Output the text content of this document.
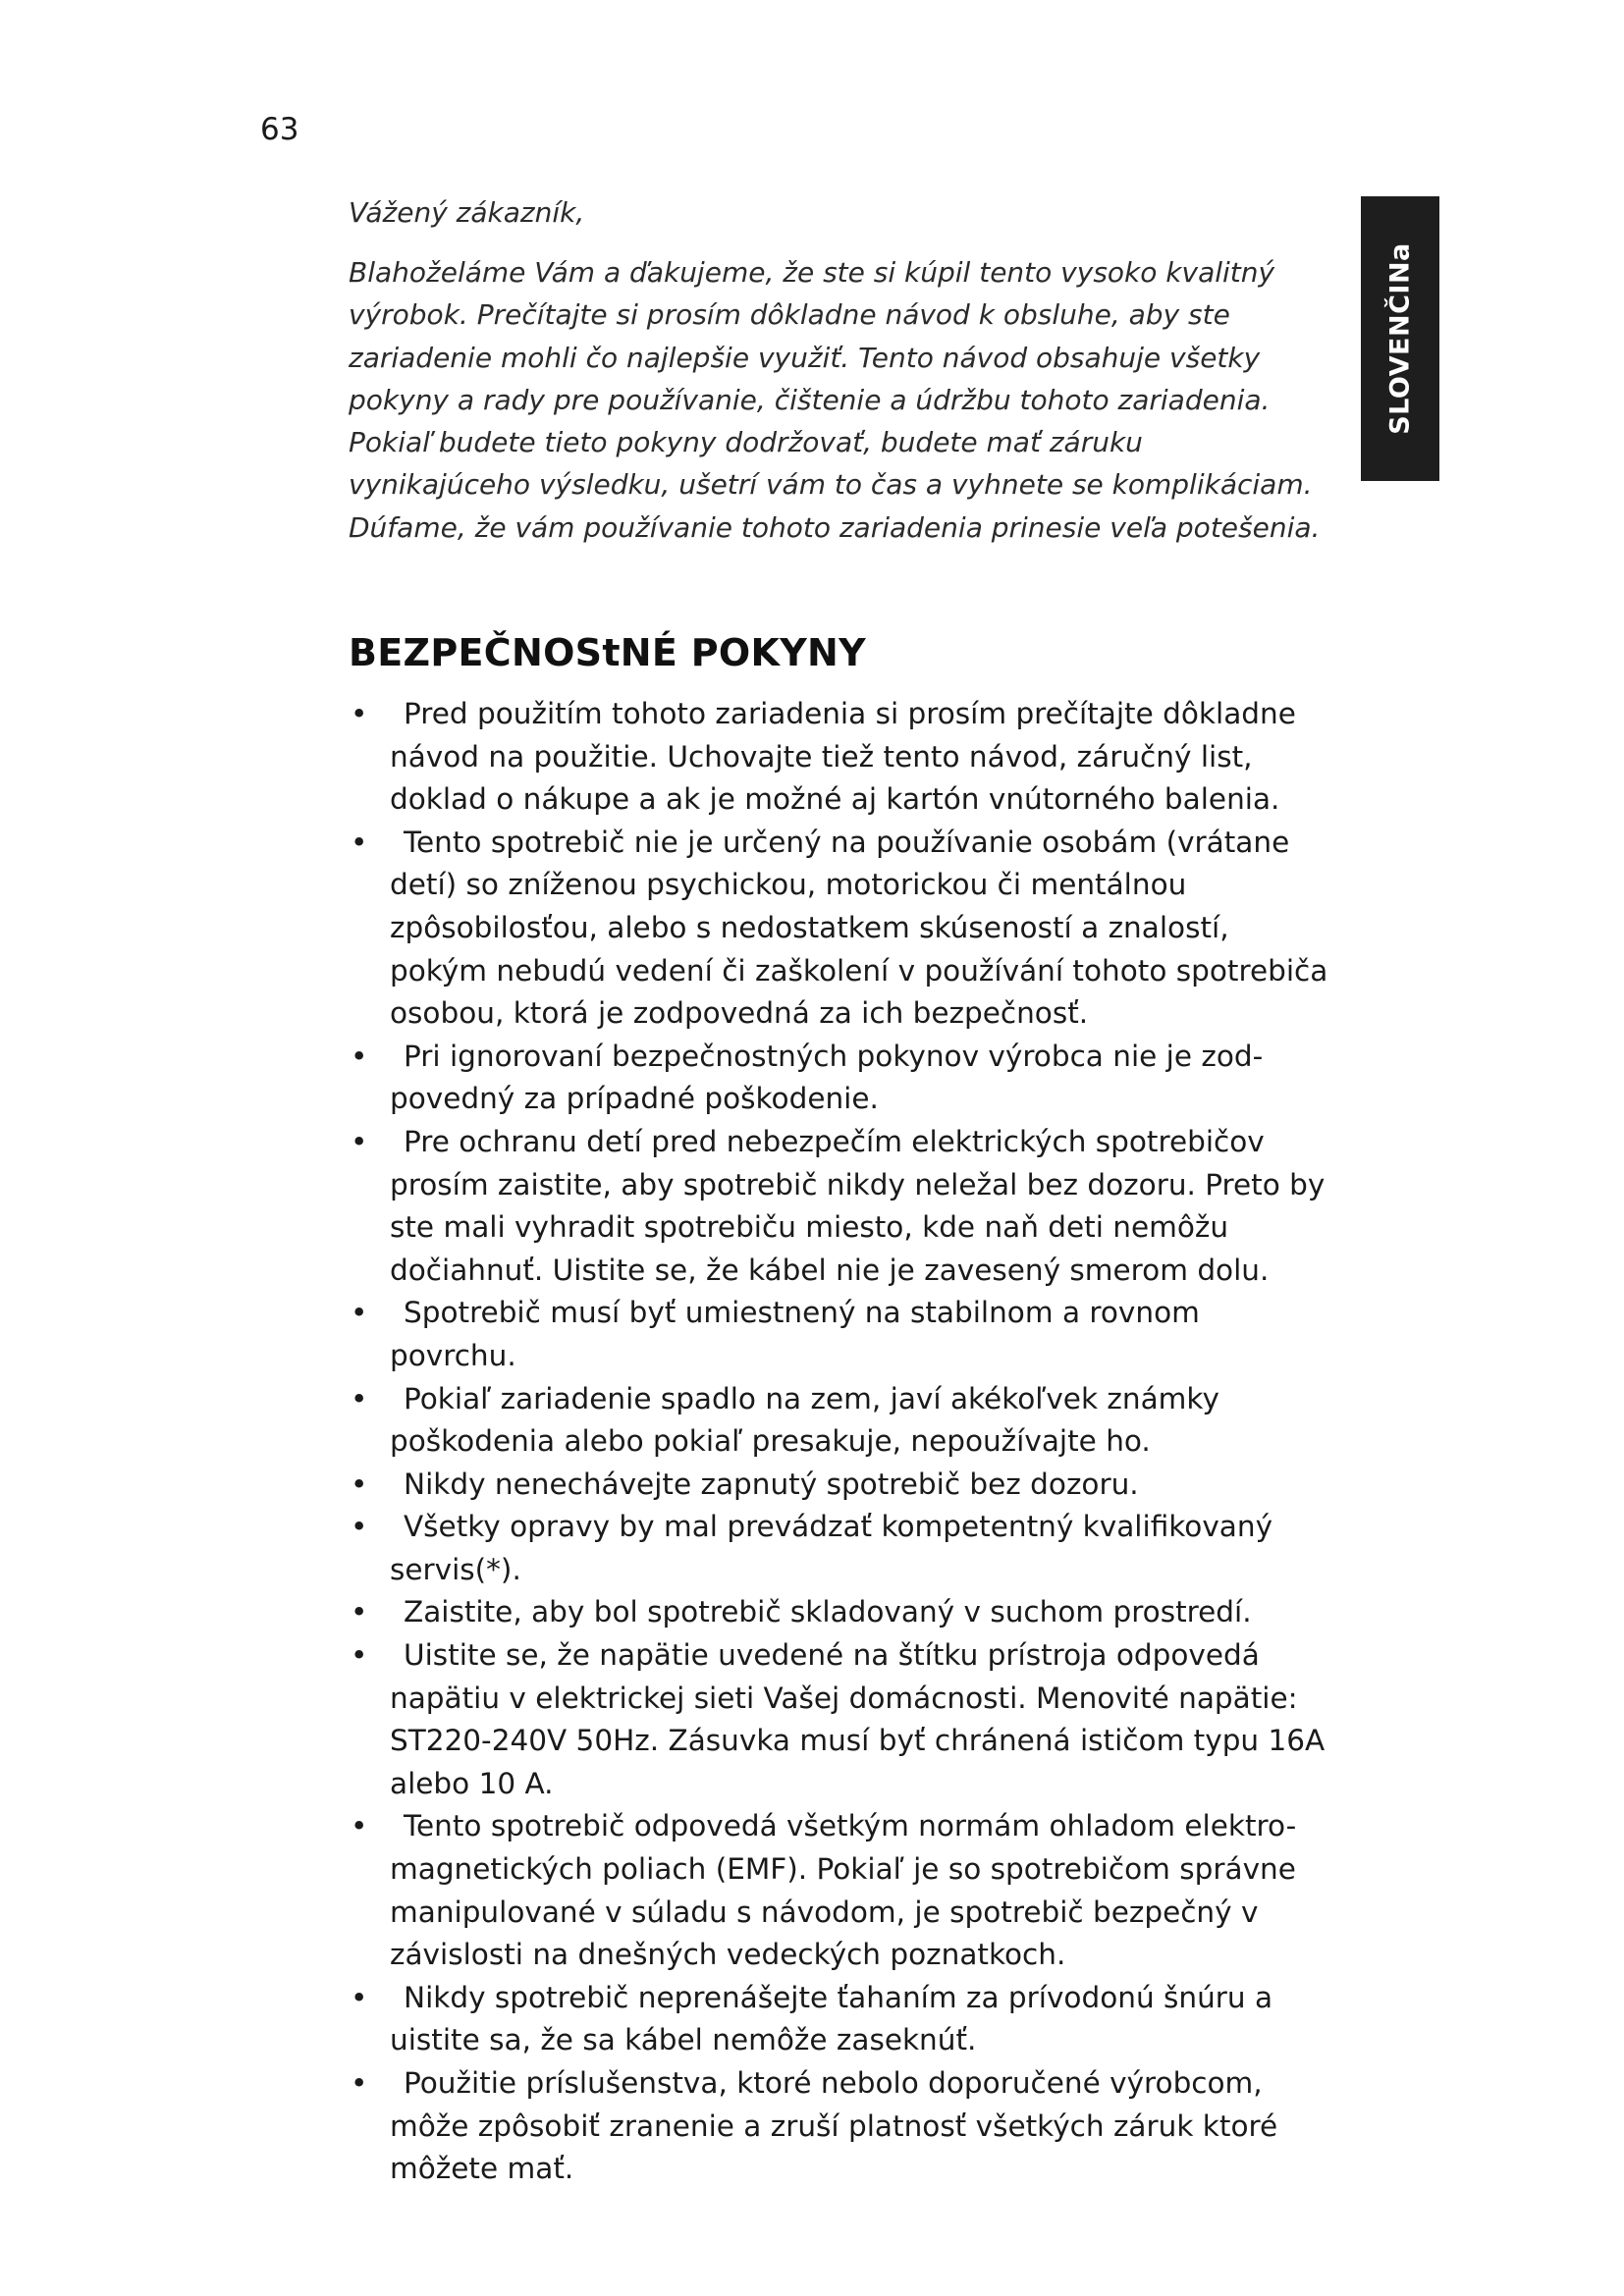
63
SLOVENČINa

Vážený zákazník,

Blahoželáme Vám a ďakujeme, že ste si kúpil tento vysoko kvalitný výrobok. Prečítajte si prosím dôkladne návod k obsluhe, aby ste zariadenie mohli čo najlepšie využiť. Tento návod obsahuje všetky pokyny a rady pre používanie, čištenie a údržbu tohoto zariadenia. Pokiaľ budete tieto pokyny dodržovať, budete mať záruku vynikajúceho výsledku, ušetrí vám to čas a vyhnete se komplikáciam. Dúfame, že vám používanie tohoto zariadenia prinesie veľa potešenia.

BEZPEČNOStNÉ POKYNY
•	Pred použitím tohoto zariadenia si prosím prečítajte dôkladne návod na použitie. Uchovajte tiež tento návod, záručný list, doklad o nákupe a ak je možné aj kartón vnútorného balenia.
•	Tento spotrebič nie je určený na používanie osobám (vrátane detí) so zníženou psychickou, motorickou či mentálnou zpôsobilosťou, alebo s nedostatkem skúseností a znalostí, pokým nebudú vedení či zaškolení v používání tohoto spotrebiča osobou, ktorá je zodpovedná za ich bezpečnosť.
•	Pri ignorovaní bezpečnostných pokynov výrobca nie je zod-povedný za prípadné poškodenie.
•	Pre ochranu detí pred nebezpečím elektrických spotrebičov prosím zaistite, aby spotrebič nikdy neležal bez dozoru. Preto by ste mali vyhradit spotrebiču miesto, kde naň deti nemôžu dočiahnuť. Uistite se, že kábel nie je zavesený smerom dolu.
•	Spotrebič musí byť umiestnený na stabilnom a rovnom povrchu.
•	Pokiaľ zariadenie spadlo na zem, javí akékoľvek známky poškodenia alebo pokiaľ presakuje, nepoužívajte ho.
•	Nikdy nenechávejte zapnutý spotrebič bez dozoru.
•	Všetky opravy by mal prevádzať kompetentný kvalifikovaný servis(*).
•	Zaistite, aby bol spotrebič skladovaný v suchom prostredí.
•	Uistite se, že napätie uvedené na štítku prístroja odpovedá napätiu v elektrickej sieti Vašej domácnosti. Menovité napätie: ST220-240V 50Hz. Zásuvka musí byť chránená ističom typu 16A alebo 10 A.
•	Tento spotrebič odpovedá všetkým normám ohladom elektro-magnetických poliach (EMF). Pokiaľ je so spotrebičom správne manipulované v súladu s návodom, je spotrebič bezpečný v závislosti na dnešných vedeckých poznatkoch.
•	Nikdy spotrebič neprenášejte ťahaním za prívodonú šnúru a uistite sa, že sa kábel nemôže zaseknúť.
•	Použitie príslušenstva, ktoré nebolo doporučené výrobcom, môže zpôsobiť zranenie a zruší platnosť všetkých záruk ktoré môžete mať.
